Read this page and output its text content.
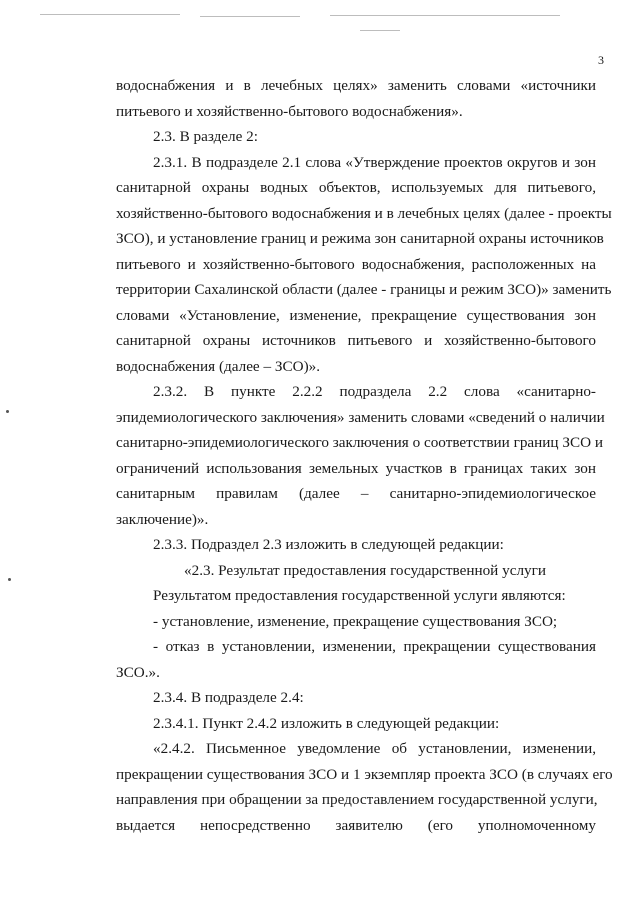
3
водоснабжения и в лечебных целях» заменить словами «источники
питьевого и хозяйственно-бытового водоснабжения».
2.3. В разделе 2:
2.3.1. В подразделе 2.1 слова «Утверждение проектов округов и зон
санитарной охраны водных объектов, используемых для питьевого,
хозяйственно-бытового водоснабжения и в лечебных целях (далее - проекты
ЗСО), и установление границ и режима зон санитарной охраны источников
питьевого и хозяйственно-бытового водоснабжения, расположенных на
территории Сахалинской области (далее - границы и режим ЗСО)» заменить
словами «Установление, изменение, прекращение существования зон
санитарной охраны источников питьевого и хозяйственно-бытового
водоснабжения (далее – ЗСО)».
2.3.2. В пункте 2.2.2 подраздела 2.2 слова «санитарно-
эпидемиологического заключения» заменить словами «сведений о наличии
санитарно-эпидемиологического заключения о соответствии границ ЗСО и
ограничений использования земельных участков в границах таких зон
санитарным правилам (далее – санитарно-эпидемиологическое
заключение)».
2.3.3. Подраздел 2.3 изложить в следующей редакции:
«2.3. Результат предоставления государственной услуги
Результатом предоставления государственной услуги являются:
- установление, изменение, прекращение существования ЗСО;
- отказ в установлении, изменении, прекращении существования
ЗСО.».
2.3.4. В подразделе 2.4:
2.3.4.1. Пункт 2.4.2 изложить в следующей редакции:
«2.4.2. Письменное уведомление об установлении, изменении,
прекращении существования ЗСО и 1 экземпляр проекта ЗСО (в случаях его
направления при обращении за предоставлением государственной услуги,
выдается непосредственно заявителю (его уполномоченному
